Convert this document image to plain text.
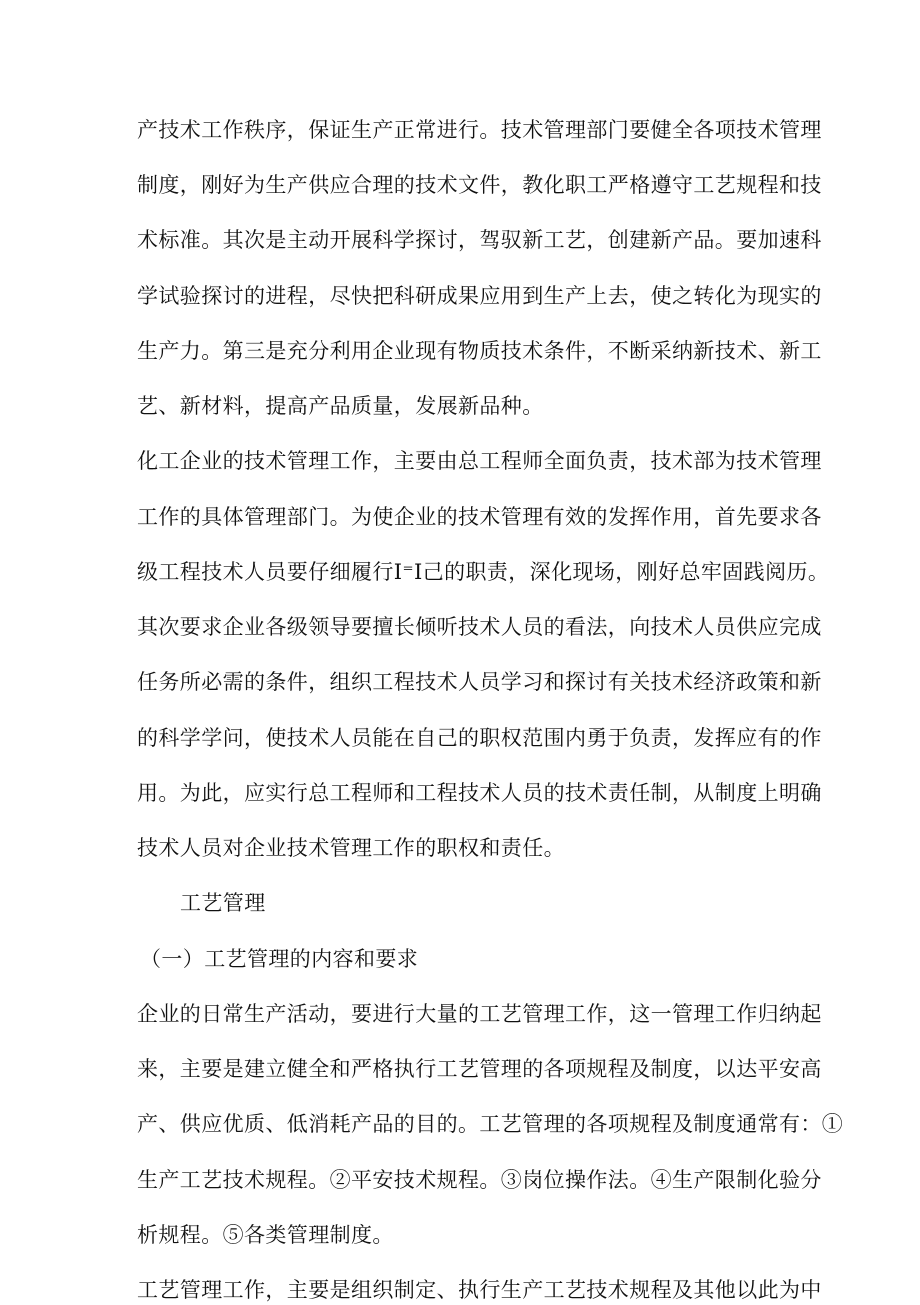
产技术工作秩序，保证生产正常进行。技术管理部门要健全各项技术管理
制度，刚好为生产供应合理的技术文件，教化职工严格遵守工艺规程和技
术标准。其次是主动开展科学探讨，驾驭新工艺，创建新产品。要加速科
学试验探讨的进程，尽快把科研成果应用到生产上去，使之转化为现实的
生产力。第三是充分利用企业现有物质技术条件，不断采纳新技术、新工
艺、新材料，提高产品质量，发展新品种。
化工企业的技术管理工作，主要由总工程师全面负责，技术部为技术管理
工作的具体管理部门。为使企业的技术管理有效的发挥作用，首先要求各
级工程技术人员要仔细履行I⁼I己的职责，深化现场，刚好总牢固践阅历。
其次要求企业各级领导要擅长倾听技术人员的看法，向技术人员供应完成
任务所必需的条件，组织工程技术人员学习和探讨有关技术经济政策和新
的科学学问，使技术人员能在自己的职权范围内勇于负责，发挥应有的作
用。为此，应实行总工程师和工程技术人员的技术责任制，从制度上明确
技术人员对企业技术管理工作的职权和责任。
工艺管理
（一）工艺管理的内容和要求
企业的日常生产活动，要进行大量的工艺管理工作，这一管理工作归纳起
来，主要是建立健全和严格执行工艺管理的各项规程及制度，以达平安高
产、供应优质、低消耗产品的目的。工艺管理的各项规程及制度通常有：①
生产工艺技术规程。②平安技术规程。③岗位操作法。④生产限制化验分
析规程。⑤各类管理制度。
工艺管理工作，主要是组织制定、执行生产工艺技术规程及其他以此为中
